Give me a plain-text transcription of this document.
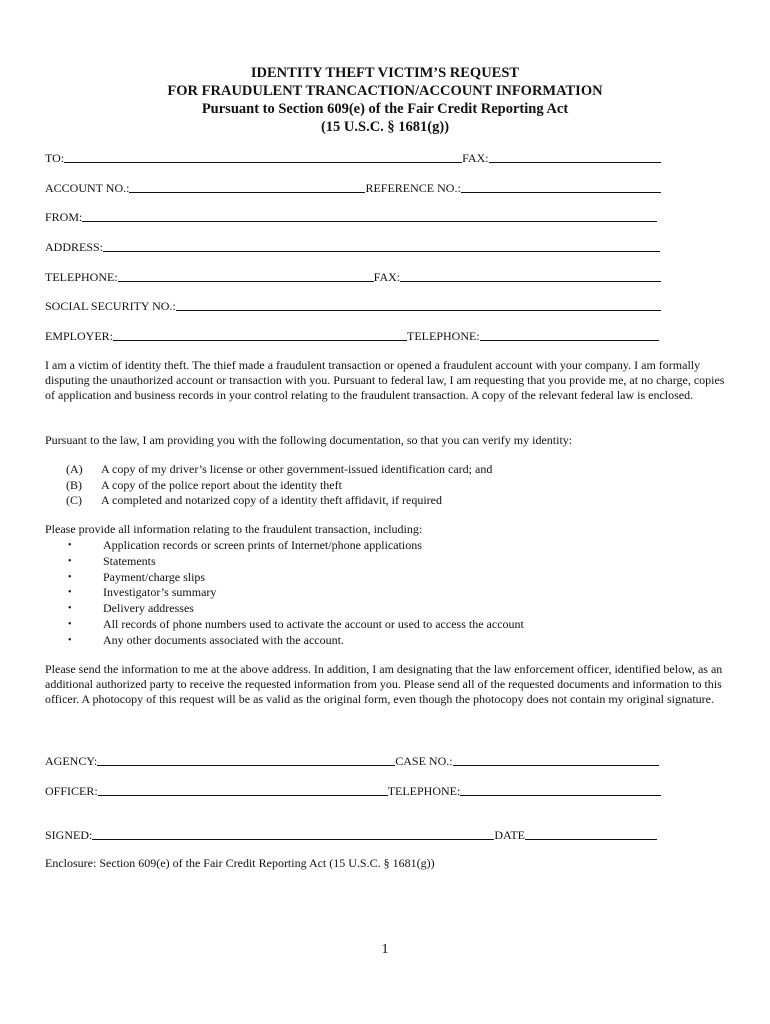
IDENTITY THEFT VICTIM’S REQUEST
FOR FRAUDULENT TRANCACTION/ACCOUNT INFORMATION
Pursuant to Section 609(e) of the Fair Credit Reporting Act
(15 U.S.C. § 1681(g))
TO:	FAX:
ACCOUNT NO.:	REFERENCE NO.:
FROM:
ADDRESS:
TELEPHONE:	FAX:
SOCIAL SECURITY NO.:
EMPLOYER:	TELEPHONE:

I am a victim of identity theft. The thief made a fraudulent transaction or opened a fraudulent account with your company. I am formally disputing the unauthorized account or transaction with you. Pursuant to federal law, I am requesting that you provide me, at no charge, copies of application and business records in your control relating to the fraudulent transaction. A copy of the relevant federal law is enclosed.

Pursuant to the law, I am providing you with the following documentation, so that you can verify my identity:

(A)	A copy of my driver’s license or other government-issued identification card; and
(B)	A copy of the police report about the identity theft
(C)	A completed and notarized copy of a identity theft affidavit, if required

Please provide all information relating to the fraudulent transaction, including:

•	Application records or screen prints of Internet/phone applications
•	Statements
•	Payment/charge slips
•	Investigator’s summary
•	Delivery addresses
•	All records of phone numbers used to activate the account or used to access the account
•	Any other documents associated with the account.

Please send the information to me at the above address. In addition, I am designating that the law enforcement officer, identified below, as an additional authorized party to receive the requested information from you. Please send all of the requested documents and information to this officer. A photocopy of this request will be as valid as the original form, even though the photocopy does not contain my original signature.

AGENCY:	CASE NO.:
OFFICER:	TELEPHONE:
SIGNED:	DATE

Enclosure: Section 609(e) of the Fair Credit Reporting Act (15 U.S.C. § 1681(g))

1
